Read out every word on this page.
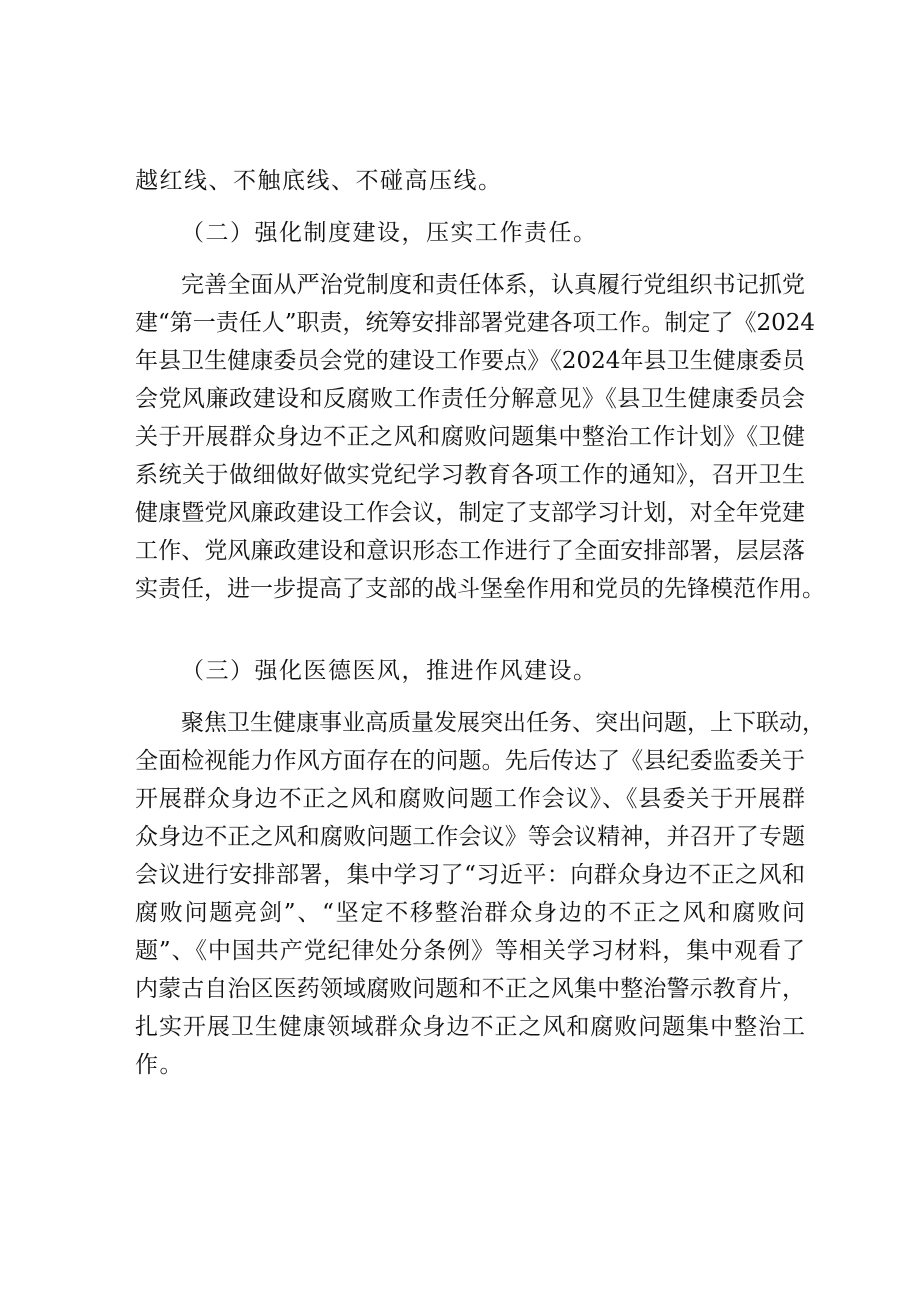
越红线、不触底线、不碰高压线。
（二）强化制度建设，压实工作责任。
完善全面从严治党制度和责任体系，认真履行党组织书记抓党
建“第一责任人”职责，统筹安排部署党建各项工作。制定了《2024
年县卫生健康委员会党的建设工作要点》《2024年县卫生健康委员
会党风廉政建设和反腐败工作责任分解意见》《县卫生健康委员会
关于开展群众身边不正之风和腐败问题集中整治工作计划》《卫健
系统关于做细做好做实党纪学习教育各项工作的通知》，召开卫生
健康暨党风廉政建设工作会议，制定了支部学习计划，对全年党建
工作、党风廉政建设和意识形态工作进行了全面安排部署，层层落
实责任，进一步提高了支部的战斗堡垒作用和党员的先锋模范作用。
（三）强化医德医风，推进作风建设。
聚焦卫生健康事业高质量发展突出任务、突出问题，上下联动，
全面检视能力作风方面存在的问题。先后传达了《县纪委监委关于
开展群众身边不正之风和腐败问题工作会议》、《县委关于开展群
众身边不正之风和腐败问题工作会议》等会议精神，并召开了专题
会议进行安排部署，集中学习了“习近平：向群众身边不正之风和
腐败问题亮剑”、“坚定不移整治群众身边的不正之风和腐败问
题”、《中国共产党纪律处分条例》等相关学习材料，集中观看了
内蒙古自治区医药领域腐败问题和不正之风集中整治警示教育片，
扎实开展卫生健康领域群众身边不正之风和腐败问题集中整治工
作。
